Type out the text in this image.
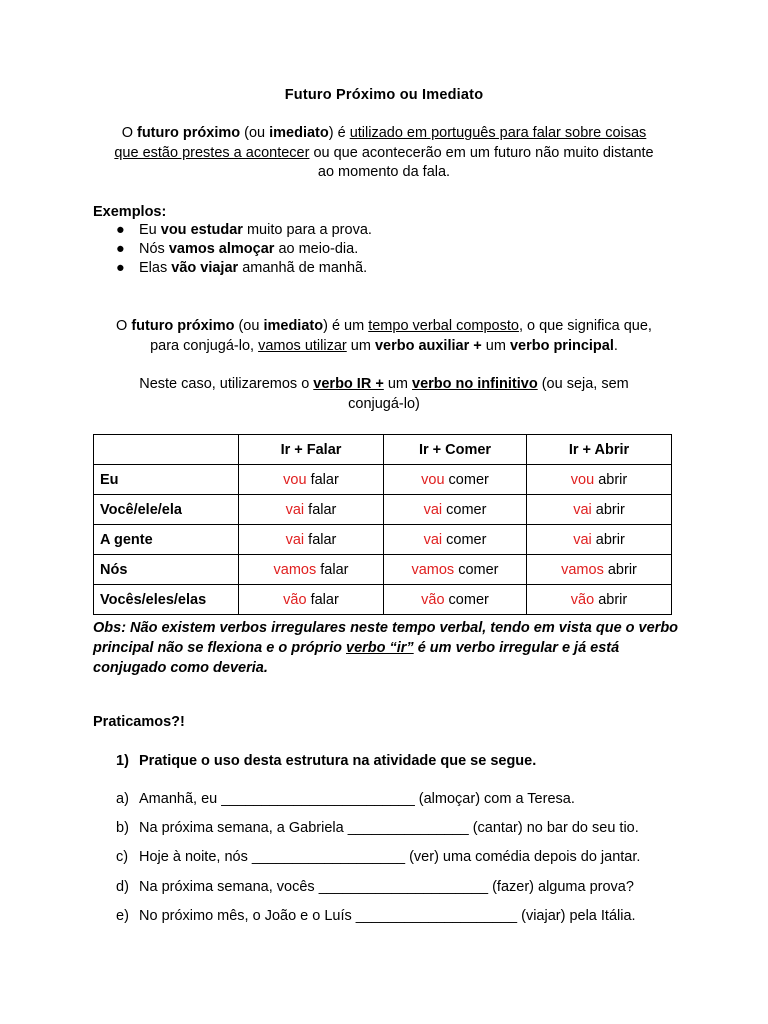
Futuro Próximo ou Imediato
O futuro próximo (ou imediato) é utilizado em português para falar sobre coisas
que estão prestes a acontecer ou que acontecerão em um futuro não muito distante
ao momento da fala.
Exemplos:
● Eu vou estudar muito para a prova.
● Nós vamos almoçar ao meio-dia.
● Elas vão viajar amanhã de manhã.
O futuro próximo (ou imediato) é um tempo verbal composto, o que significa que,
para conjugá-lo, vamos utilizar um verbo auxiliar + um verbo principal.
Neste caso, utilizaremos o verbo IR + um verbo no infinitivo (ou seja, sem
conjugá-lo)
	Ir + Falar	Ir + Comer	Ir + Abrir
Eu	vou falar	vou comer	vou abrir
Você/ele/ela	vai falar	vai comer	vai abrir
A gente	vai falar	vai comer	vai abrir
Nós	vamos falar	vamos comer	vamos abrir
Vocês/eles/elas	vão falar	vão comer	vão abrir
Obs: Não existem verbos irregulares neste tempo verbal, tendo em vista que o verbo principal não se flexiona e o próprio verbo “ir” é um verbo irregular e já está conjugado como deveria.
Praticamos?!
1) Pratique o uso desta estrutura na atividade que se segue.
a) Amanhã, eu ________________________ (almoçar) com a Teresa.
b) Na próxima semana, a Gabriela _______________ (cantar) no bar do seu tio.
c) Hoje à noite, nós ___________________ (ver) uma comédia depois do jantar.
d) Na próxima semana, vocês _____________________ (fazer) alguma prova?
e) No próximo mês, o João e o Luís ____________________ (viajar) pela Itália.
